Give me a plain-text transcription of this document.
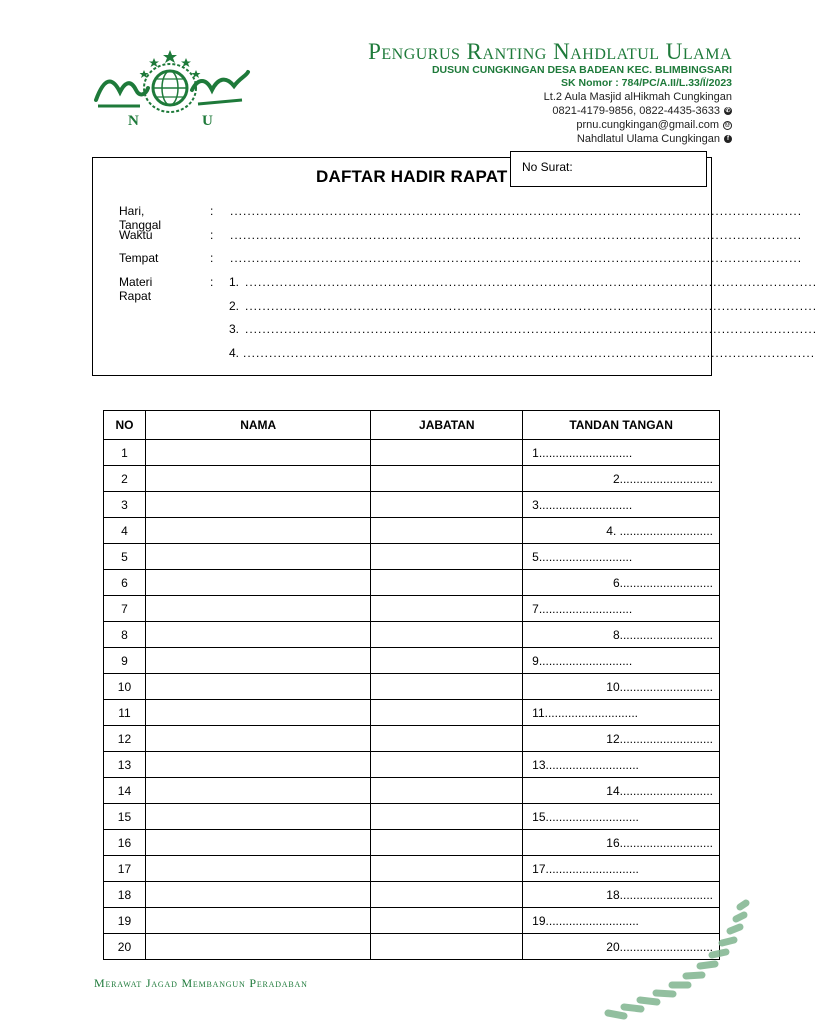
N	U
Pengurus Ranting Nahdlatul Ulama
DUSUN CUNGKINGAN DESA BADEAN KEC. BLIMBINGSARI
SK Nomor : 784/PC/A.II/L.33/Ϊ/2023
Lt.2 Aula Masjid alHikmah Cungkingan
0821-4179-9856, 0822-4435-3633 ✆
prnu.cungkingan@gmail.com @
Nahdlatul Ulama Cungkingan	f
DAFTAR HADIR RAPAT	No Surat:
Hari, Tanggal
: ....................................................................................................................................
Waktu	: ....................................................................................................................................
Tempat	: ....................................................................................................................................
Materi Rapat
: 1. ....................................................................................................................................
2. ....................................................................................................................................
3. ....................................................................................................................................
4. ....................................................................................................................................
NO	NAMA	JABATAN	TANDAN TANGAN
1			1............................
2			2............................
3			3............................
4			4. ............................
5			5............................
6			6............................
7			7............................
8			8............................
9			9............................
10			10............................
11			11............................
12			12............................
13			13............................
14			14............................
15			15............................
16			16............................
17			17............................
18			18............................
19			19............................
20			20............................
Merawat Jagad Membangun Peradaban
